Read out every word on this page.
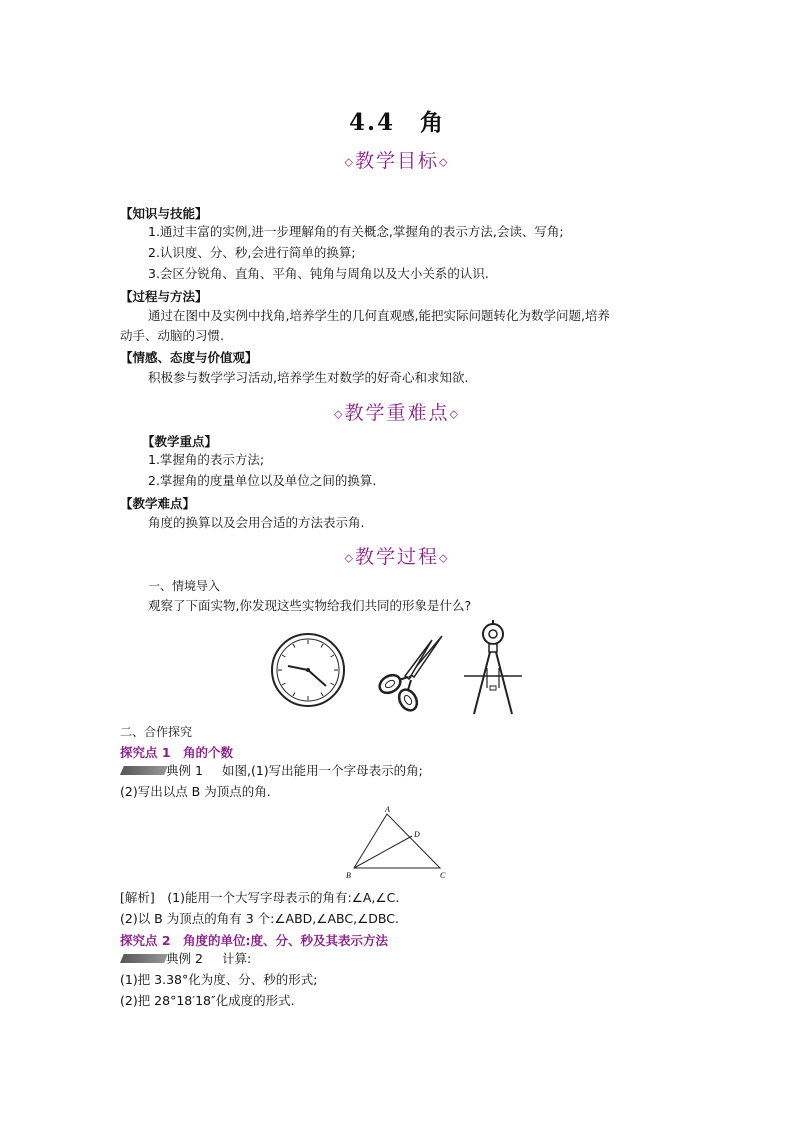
4.4　角
◇教学目标◇
【知识与技能】
1.通过丰富的实例,进一步理解角的有关概念,掌握角的表示方法,会读、写角;
2.认识度、分、秒,会进行简单的换算;
3.会区分锐角、直角、平角、钝角与周角以及大小关系的认识.
【过程与方法】
通过在图中及实例中找角,培养学生的几何直观感,能把实际问题转化为数学问题,培养
动手、动脑的习惯.
【情感、态度与价值观】
积极参与数学学习活动,培养学生对数学的好奇心和求知欲.
◇教学重难点◇
【教学重点】
1.掌握角的表示方法;
2.掌握角的度量单位以及单位之间的换算.
【教学难点】
角度的换算以及会用合适的方法表示角.
◇教学过程◇
一、情境导入
观察了下面实物,你发现这些实物给我们共同的形象是什么?
二、合作探究
探究点 1　角的个数
典例 1 如图,(1)写出能用一个字母表示的角;
(2)写出以点 B 为顶点的角.
A
B	C
D
[解析]　(1)能用一个大写字母表示的角有:∠A,∠C.
(2)以 B 为顶点的角有 3 个:∠ABD,∠ABC,∠DBC.
探究点 2　角度的单位:度、分、秒及其表示方法
典例 2 计算:
(1)把 3.38°化为度、分、秒的形式;
(2)把 28°18′18″化成度的形式.
